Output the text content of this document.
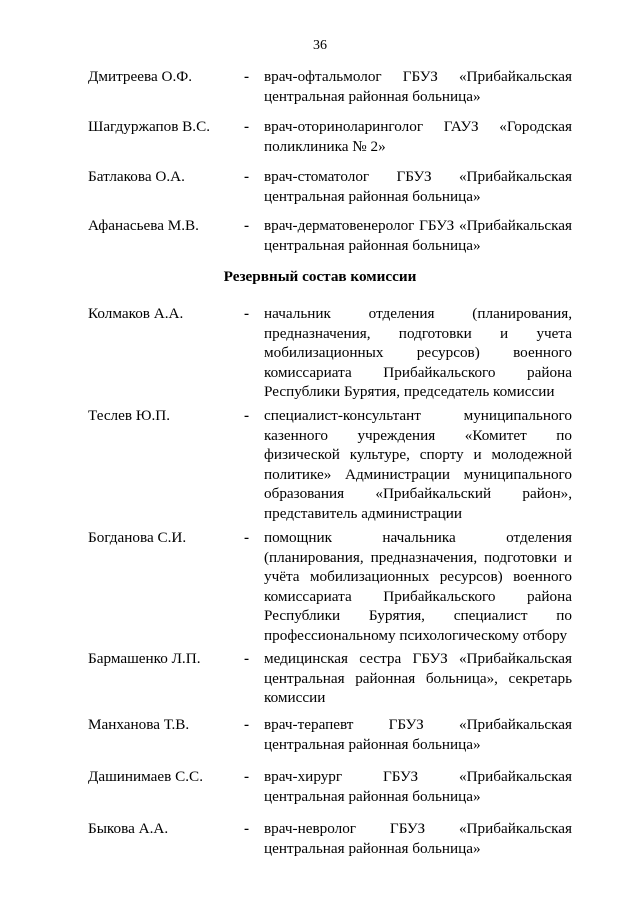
36
Дмитреева О.Ф.	- врач-офтальмолог ГБУЗ «Прибайкальская центральная районная больница»
Шагдуржапов В.С. - врач-оториноларинголог ГАУЗ «Городская поликлиника № 2»
Батлакова О.А.	- врач-стоматолог ГБУЗ «Прибайкальская центральная районная больница»
Афанасьева М.В.	- врач-дерматовенеролог ГБУЗ «Прибайкальская центральная районная больница»
Резервный состав комиссии
Колмаков А.А.	- начальник отделения (планирования, предназначения, подготовки и учета мобилизационных ресурсов) военного комиссариата Прибайкальского района Республики Бурятия, председатель комиссии
Теслев Ю.П.	- специалист-консультант муниципального казенного учреждения «Комитет по физической культуре, спорту и молодежной политике» Администрации муниципального образования «Прибайкальский район», представитель администрации
Богданова С.И.	- помощник начальника отделения (планирования, предназначения, подготовки и учёта мобилизационных ресурсов) военного комиссариата Прибайкальского района Республики Бурятия, специалист по профессиональному психологическому отбору
Бармашенко Л.П.	- медицинская сестра ГБУЗ «Прибайкальская центральная районная больница», секретарь комиссии
Манханова Т.В.	- врач-терапевт ГБУЗ «Прибайкальская центральная районная больница»
Дашинимаев С.С.	- врач-хирург ГБУЗ «Прибайкальская центральная районная больница»
Быкова А.А.	- врач-невролог ГБУЗ «Прибайкальская центральная районная больница»
